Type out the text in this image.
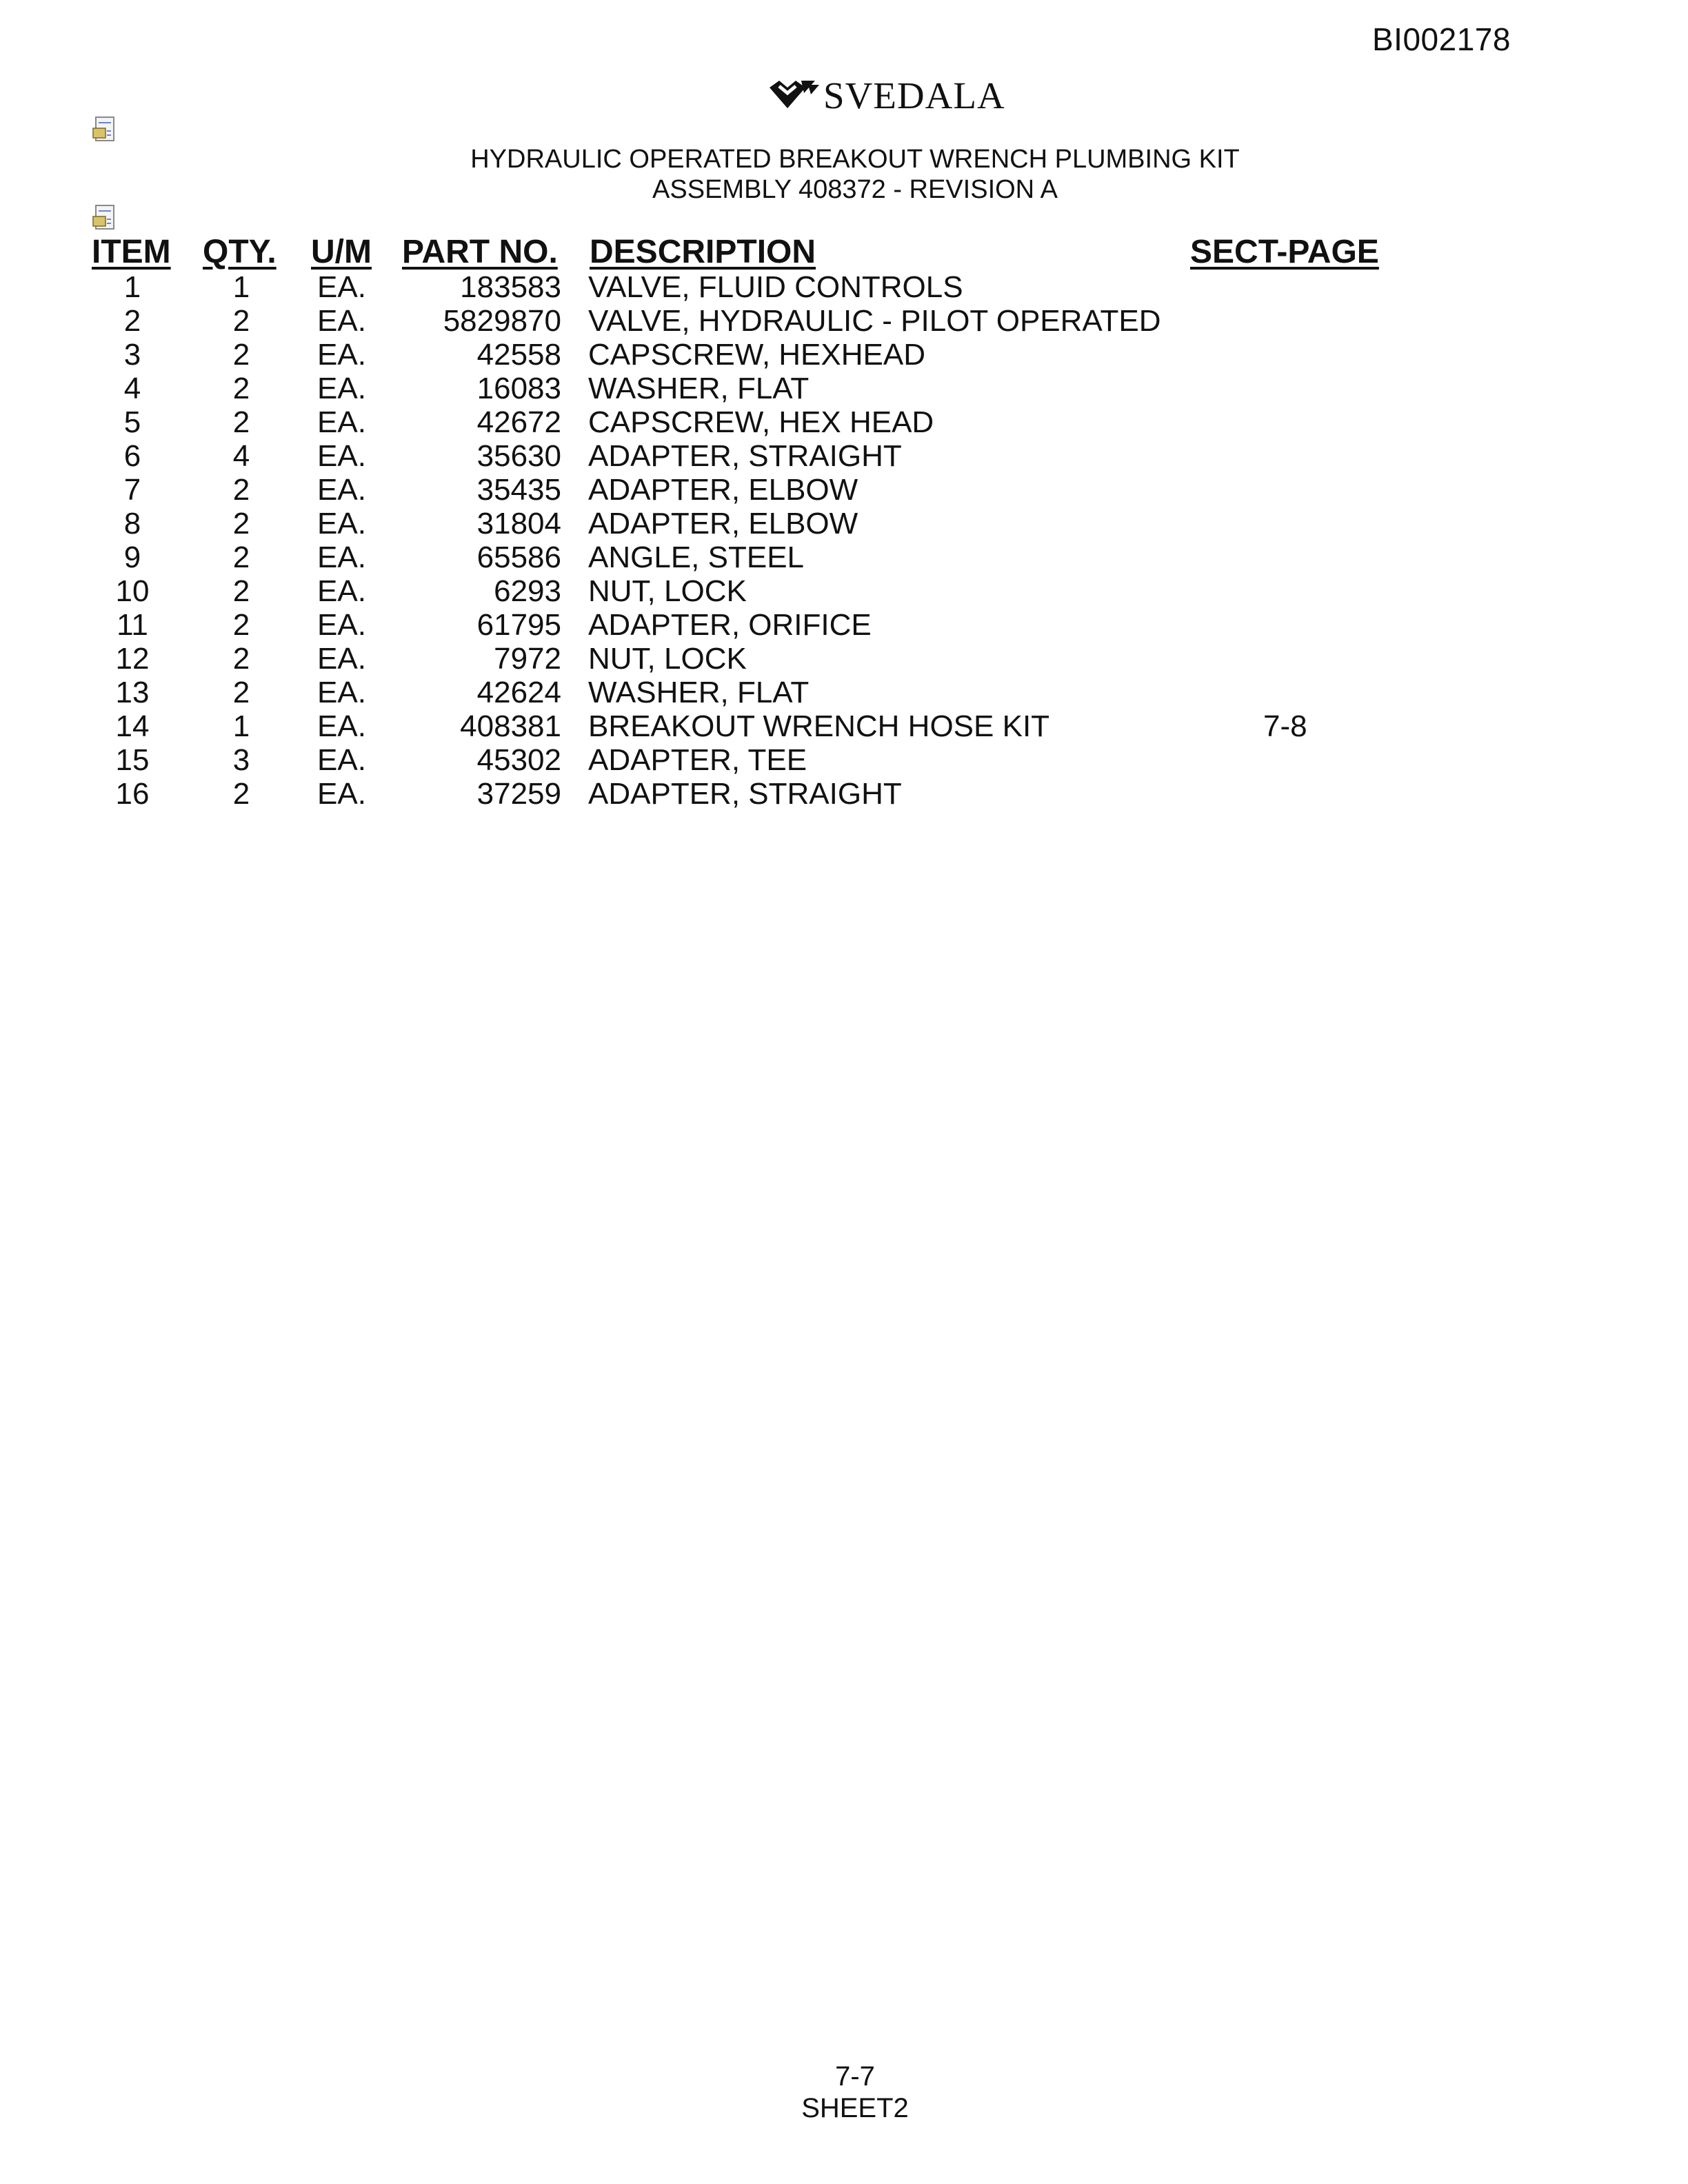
BI002178
SVEDALA
HYDRAULIC OPERATED BREAKOUT WRENCH PLUMBING KIT
ASSEMBLY 408372 - REVISION A
ITEM QTY. U/M PART NO. DESCRIPTION	SECT-PAGE
1	1	EA.	183583 VALVE, FLUID CONTROLS
2	2	EA.	5829870 VALVE, HYDRAULIC - PILOT OPERATED
3	2	EA.	42558 CAPSCREW, HEXHEAD
4	2	EA.	16083 WASHER, FLAT
5	2	EA.	42672 CAPSCREW, HEX HEAD
6	4	EA.	35630 ADAPTER, STRAIGHT
7	2	EA.	35435 ADAPTER, ELBOW
8	2	EA.	31804 ADAPTER, ELBOW
9	2	EA.	65586 ANGLE, STEEL
10	2	EA.	6293 NUT, LOCK
11	2	EA.	61795 ADAPTER, ORIFICE
12	2	EA.	7972 NUT, LOCK
13	2	EA.	42624 WASHER, FLAT
14	1	EA.	408381 BREAKOUT WRENCH HOSE KIT	7-8
15	3	EA.	45302 ADAPTER, TEE
16	2	EA.	37259 ADAPTER, STRAIGHT
7-7
SHEET2
